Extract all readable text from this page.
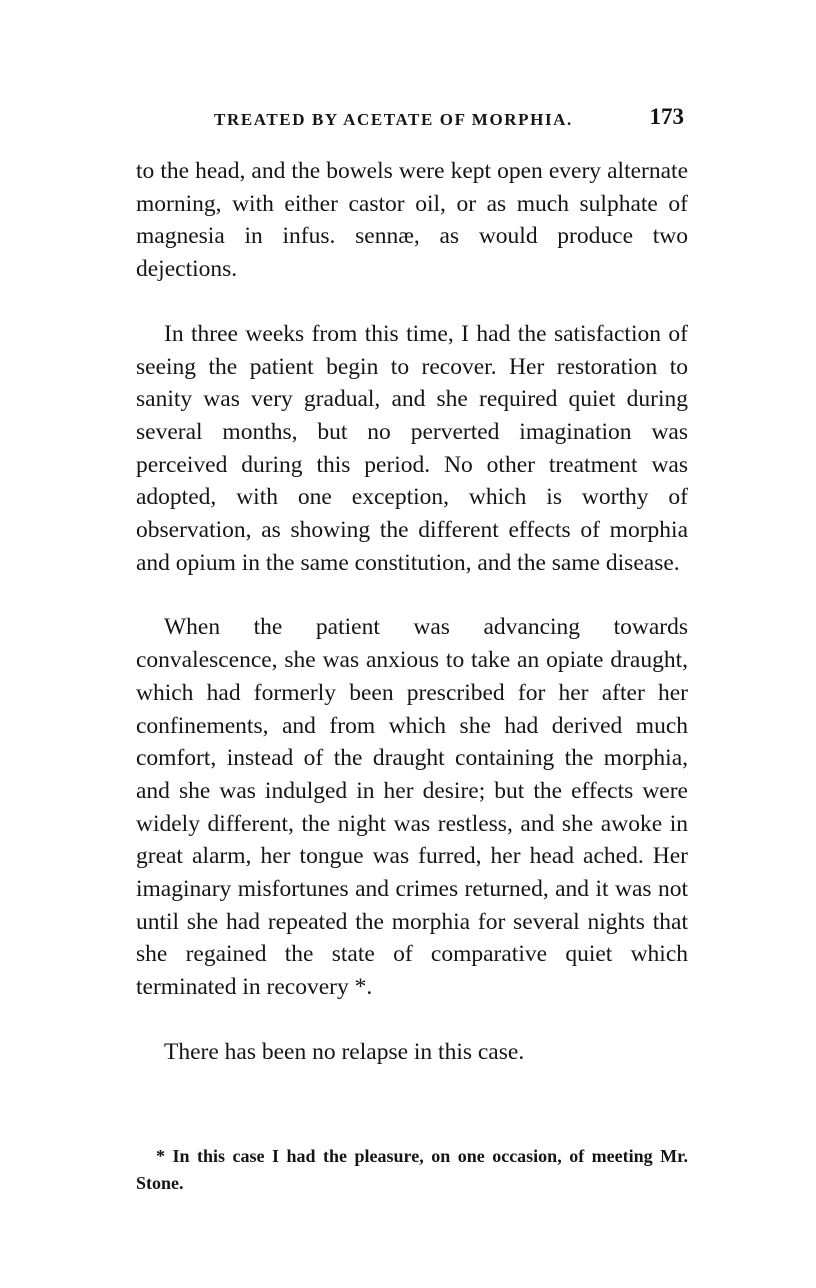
TREATED BY ACETATE OF MORPHIA.	173

to the head, and the bowels were kept open every alternate morning, with either castor oil, or as much sulphate of magnesia in infus. sennæ, as would produce two dejections.

In three weeks from this time, I had the satisfaction of seeing the patient begin to recover. Her restoration to sanity was very gradual, and she required quiet during several months, but no perverted imagination was perceived during this period. No other treatment was adopted, with one exception, which is worthy of observation, as showing the different effects of morphia and opium in the same constitution, and the same disease.

When the patient was advancing towards convalescence, she was anxious to take an opiate draught, which had formerly been prescribed for her after her confinements, and from which she had derived much comfort, instead of the draught containing the morphia, and she was indulged in her desire; but the effects were widely different, the night was restless, and she awoke in great alarm, her tongue was furred, her head ached. Her imaginary misfortunes and crimes returned, and it was not until she had repeated the morphia for several nights that she regained the state of comparative quiet which terminated in recovery *.

There has been no relapse in this case.

* In this case I had the pleasure, on one occasion, of meeting Mr. Stone.
